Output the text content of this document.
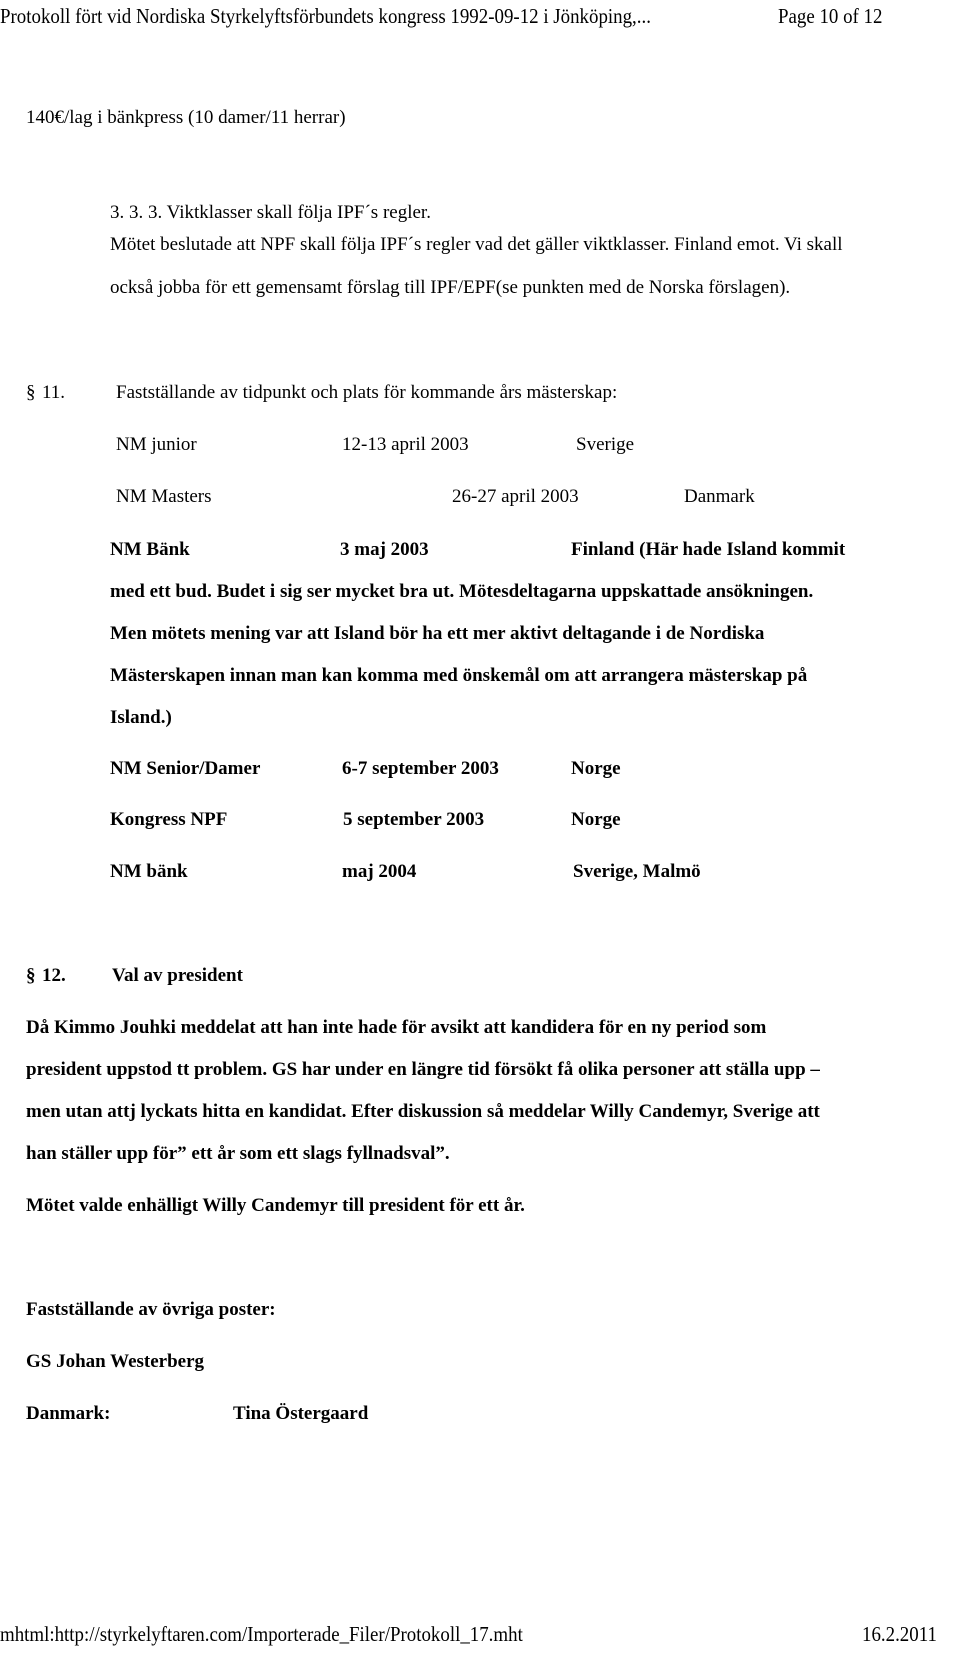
Protokoll fört vid Nordiska Styrkelyftsförbundets kongress 1992-09-12 i Jönköping,...	Page 10 of 12
140€/lag i bänkpress (10 damer/11 herrar)
3. 3. 3. Viktklasser skall följa IPF´s regler.
Mötet beslutade att NPF skall följa IPF´s regler vad det gäller viktklasser. Finland emot. Vi skall
också jobba för ett gemensamt förslag till IPF/EPF(se punkten med de Norska förslagen).
§ 11.	Fastställande av tidpunkt och plats för kommande års mästerskap:
NM junior	12-13 april 2003	Sverige
NM Masters	26-27 april 2003	Danmark
NM Bänk	3 maj 2003	Finland (Här hade Island kommit
med ett bud. Budet i sig ser mycket bra ut. Mötesdeltagarna uppskattade ansökningen.
Men mötets mening var att Island bör ha ett mer aktivt deltagande i de Nordiska
Mästerskapen innan man kan komma med önskemål om att arrangera mästerskap på
Island.)
NM Senior/Damer	6-7 september 2003	Norge
Kongress NPF	5 september 2003	Norge
NM bänk	maj 2004	Sverige, Malmö
§ 12. Val av president
Då Kimmo Jouhki meddelat att han inte hade för avsikt att kandidera för en ny period som
president uppstod tt problem. GS har under en längre tid försökt få olika personer att ställa upp –
men utan attj lyckats hitta en kandidat. Efter diskussion så meddelar Willy Candemyr, Sverige att
han ställer upp för” ett år som ett slags fyllnadsval”.
Mötet valde enhälligt Willy Candemyr till president för ett år.
Fastställande av övriga poster:
GS Johan Westerberg
Danmark:	Tina Östergaard
mhtml:http://styrkelyftaren.com/Importerade_Filer/Protokoll_17.mht	16.2.2011
